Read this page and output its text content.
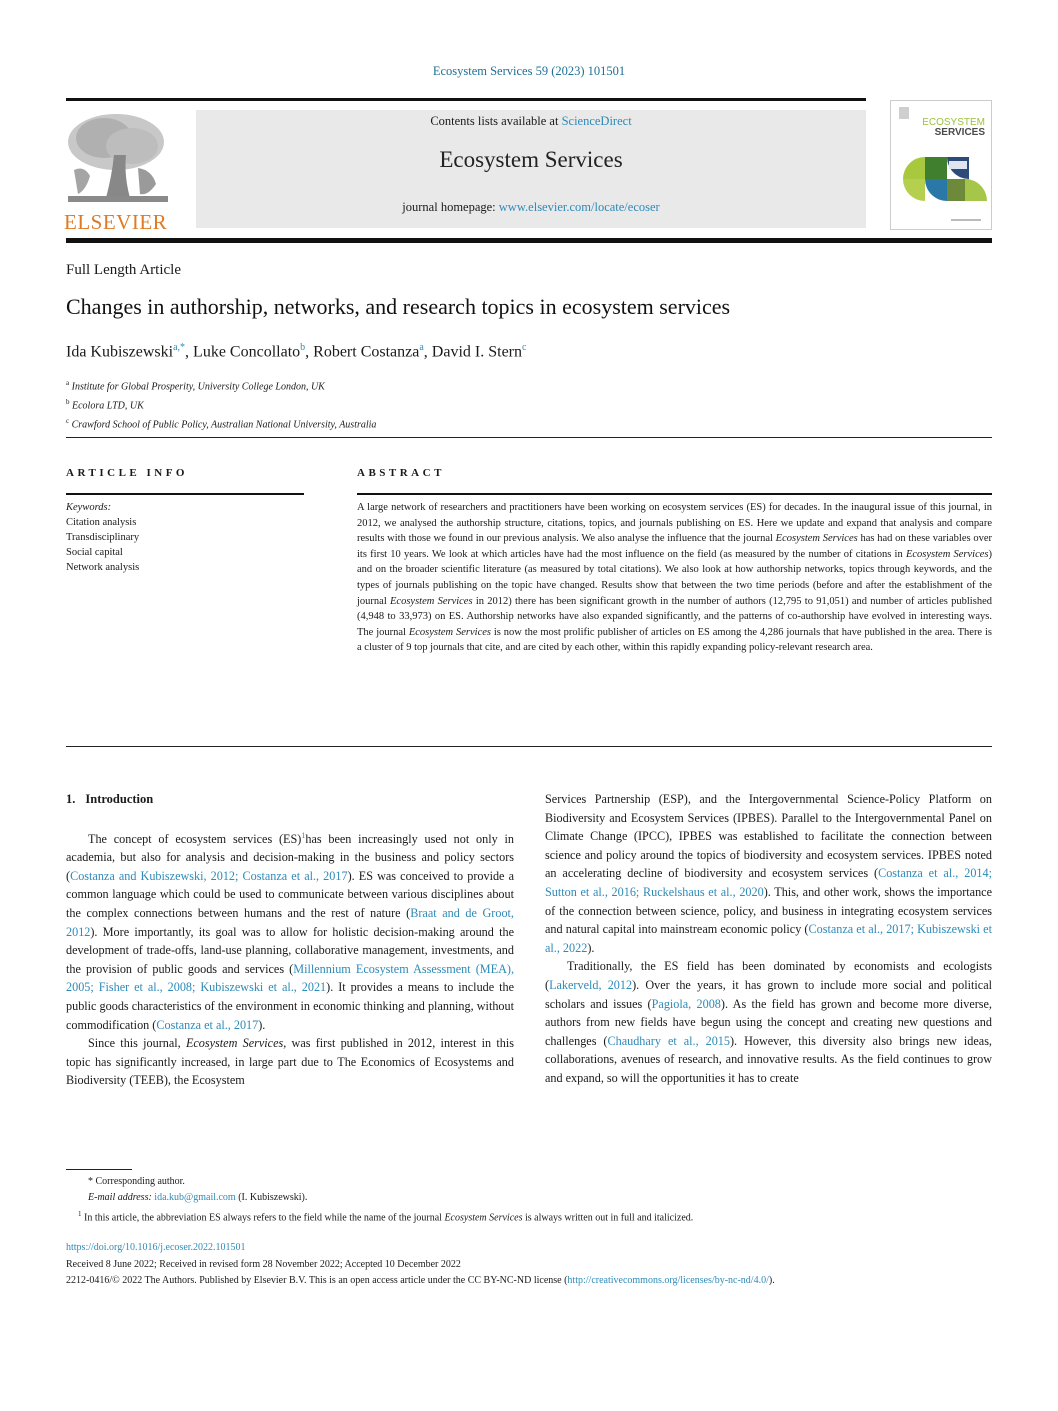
Ecosystem Services 59 (2023) 101501
ELSEVIER
Contents lists available at ScienceDirect
Ecosystem Services
journal homepage: www.elsevier.com/locate/ecoser
ECOSYSTEM
SERVICES
Full Length Article
Changes in authorship, networks, and research topics in ecosystem services
Ida Kubiszewski$^{a,*}$, Luke Concollato$^b$, Robert Costanza$^a$, David I. Stern$^c$
$^a$ Institute for Global Prosperity, University College London, UK
$^b$ Ecolora LTD, UK
$^c$ Crawford School of Public Policy, Australian National University, Australia
ARTICLE INFO	ABSTRACT
Keywords:
Citation analysis
Transdisciplinary
Social capital
Network analysis
A large network of researchers and practitioners have been working on ecosystem services (ES) for decades. In the inaugural issue of this journal, in 2012, we analysed the authorship structure, citations, topics, and journals publishing on ES. Here we update and expand that analysis and compare results with those we found in our previous analysis. We also analyse the influence that the journal Ecosystem Services has had on these variables over its first 10 years. We look at which articles have had the most influence on the field (as measured by the number of citations in Ecosystem Services) and on the broader scientific literature (as measured by total citations). We also look at how authorship networks, topics through keywords, and the types of journals publishing on the topic have changed. Results show that between the two time periods (before and after the establishment of the journal Ecosystem Services in 2012) there has been significant growth in the number of authors (12,795 to 91,051) and number of articles published (4,948 to 33,973) on ES. Authorship networks have also expanded significantly, and the patterns of co-authorship have evolved in interesting ways. The journal Ecosystem Services is now the most prolific publisher of articles on ES among the 4,286 journals that have published in the area. There is a cluster of 9 top journals that cite, and are cited by each other, within this rapidly expanding policy-relevant research area.
1. Introduction

The concept of ecosystem services (ES)$^1$has been increasingly used not only in academia, but also for analysis and decision-making in the business and policy sectors (Costanza and Kubiszewski, 2012; Costanza et al., 2017). ES was conceived to provide a common language which could be used to communicate between various disciplines about the complex connections between humans and the rest of nature (Braat and de Groot, 2012). More importantly, its goal was to allow for holistic decision-making around the development of trade-offs, land-use planning, collaborative management, investments, and the provision of public goods and services (Millennium Ecosystem Assessment (MEA), 2005; Fisher et al., 2008; Kubiszewski et al., 2021). It provides a means to include the public goods characteristics of the environment in economic thinking and planning, without commodification (Costanza et al., 2017).

Since this journal, Ecosystem Services, was first published in 2012, interest in this topic has significantly increased, in large part due to The Economics of Ecosystems and Biodiversity (TEEB), the Ecosystem

Services Partnership (ESP), and the Intergovernmental Science-Policy Platform on Biodiversity and Ecosystem Services (IPBES). Parallel to the Intergovernmental Panel on Climate Change (IPCC), IPBES was established to facilitate the connection between science and policy around the topics of biodiversity and ecosystem services. IPBES noted an accelerating decline of biodiversity and ecosystem services (Costanza et al., 2014; Sutton et al., 2016; Ruckelshaus et al., 2020). This, and other work, shows the importance of the connection between science, policy, and business in integrating ecosystem services and natural capital into mainstream economic policy (Costanza et al., 2017; Kubiszewski et al., 2022).

Traditionally, the ES field has been dominated by economists and ecologists (Lakerveld, 2012). Over the years, it has grown to include more social and political scholars and issues (Pagiola, 2008). As the field has grown and become more diverse, authors from new fields have begun using the concept and creating new questions and challenges (Chaudhary et al., 2015). However, this diversity also brings new ideas, collaborations, avenues of research, and innovative results. As the field continues to grow and expand, so will the opportunities it has to create

* Corresponding author.
E-mail address: ida.kub@gmail.com (I. Kubiszewski).
$^1$ In this article, the abbreviation ES always refers to the field while the name of the journal Ecosystem Services is always written out in full and italicized.
https://doi.org/10.1016/j.ecoser.2022.101501
Received 8 June 2022; Received in revised form 28 November 2022; Accepted 10 December 2022
2212-0416/© 2022 The Authors. Published by Elsevier B.V. This is an open access article under the CC BY-NC-ND license (http://creativecommons.org/licenses/by-nc-nd/4.0/).
